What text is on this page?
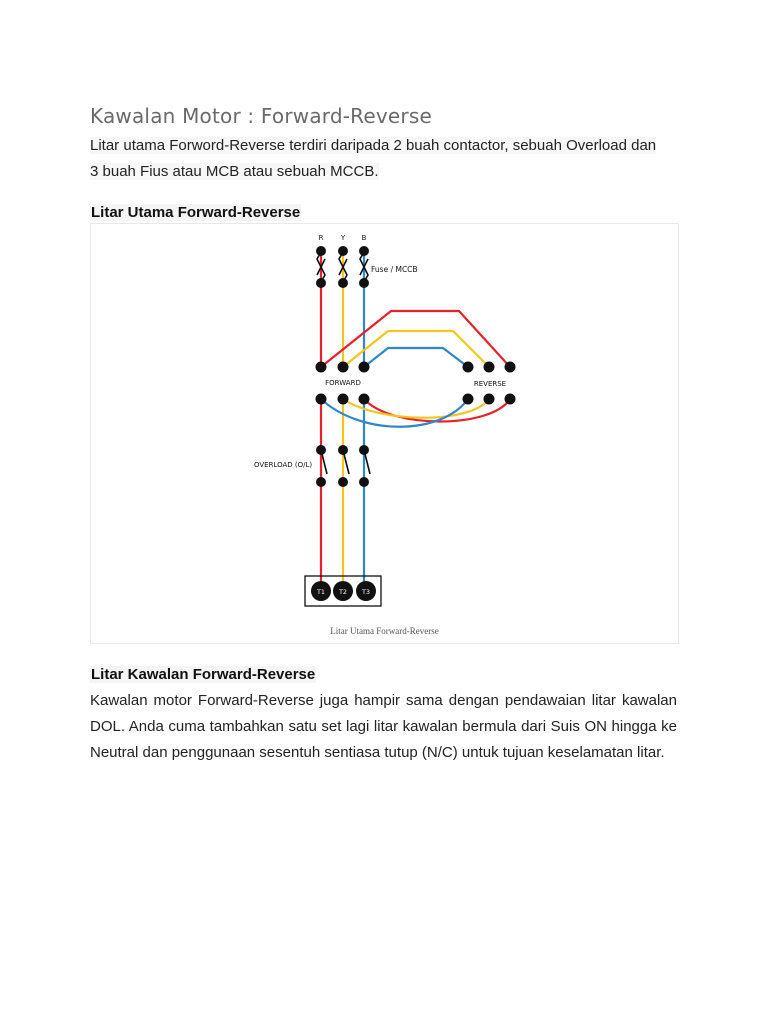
Kawalan Motor : Forward-Reverse

Litar utama Forword-Reverse terdiri daripada 2 buah contactor, sebuah Overload dan
3 buah Fius atau MCB atau sebuah MCCB.

Litar Utama Forward-Reverse
R Y B
Fuse / MCCB
FORWARD	REVERSE
OVERLOAD (O/L)
T1 T2 T3
Litar Utama Forward-Reverse
Litar Kawalan Forward-Reverse

Kawalan motor Forward-Reverse juga hampir sama dengan pendawaian litar kawalan DOL. Anda cuma tambahkan satu set lagi litar kawalan bermula dari Suis ON hingga ke Neutral dan penggunaan sesentuh sentiasa tutup (N/C) untuk tujuan keselamatan litar.
